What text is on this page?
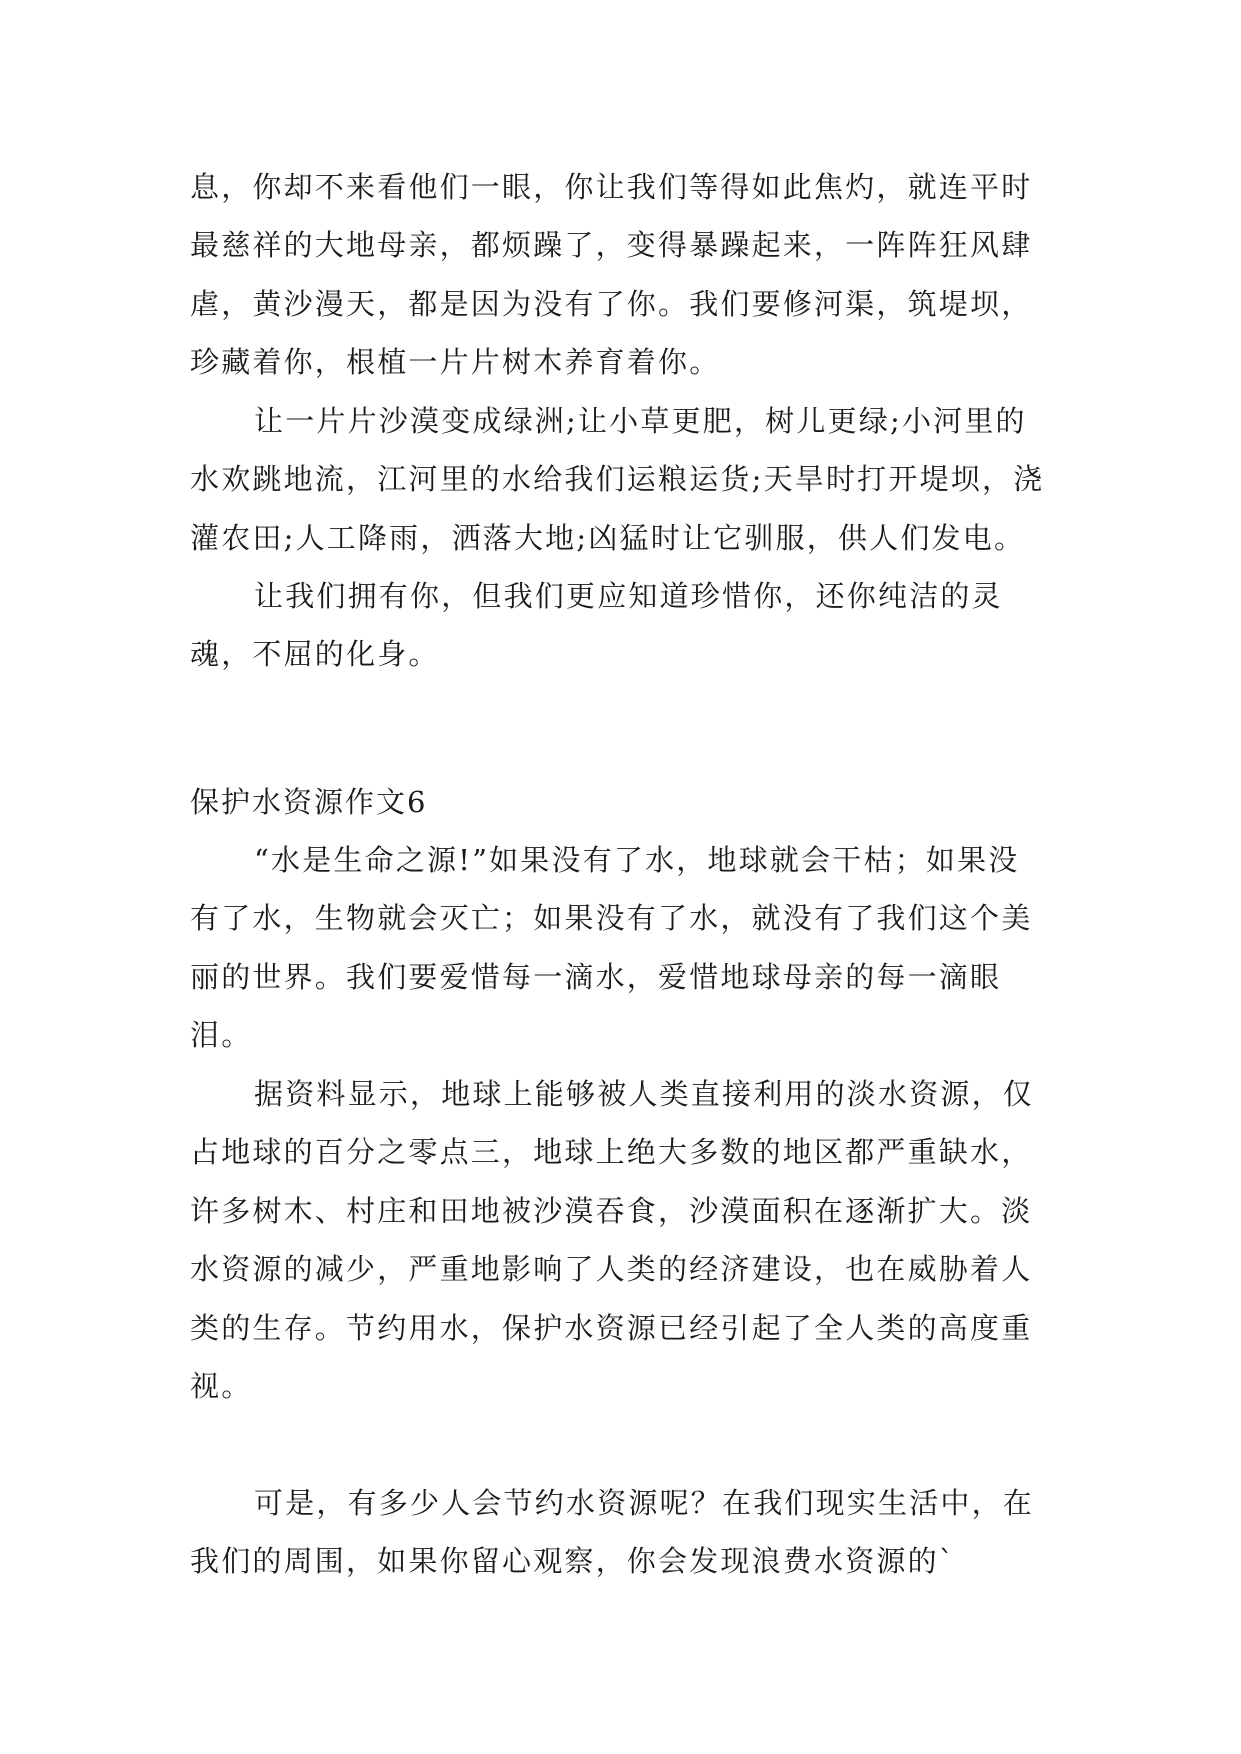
息，你却不来看他们一眼，你让我们等得如此焦灼，就连平时最慈祥的大地母亲，都烦躁了，变得暴躁起来，一阵阵狂风肆虐，黄沙漫天，都是因为没有了你。我们要修河渠，筑堤坝，珍藏着你，根植一片片树木养育着你。

让一片片沙漠变成绿洲;让小草更肥，树儿更绿;小河里的水欢跳地流，江河里的水给我们运粮运货;天旱时打开堤坝，浇灌农田;人工降雨，洒落大地;凶猛时让它驯服，供人们发电。

让我们拥有你，但我们更应知道珍惜你，还你纯洁的灵魂，不屈的化身。

保护水资源作文6

“水是生命之源!”如果没有了水，地球就会干枯；如果没有了水，生物就会灭亡；如果没有了水，就没有了我们这个美丽的世界。我们要爱惜每一滴水，爱惜地球母亲的每一滴眼泪。

据资料显示，地球上能够被人类直接利用的淡水资源，仅占地球的百分之零点三，地球上绝大多数的地区都严重缺水，许多树木、村庄和田地被沙漠吞食，沙漠面积在逐渐扩大。淡水资源的减少，严重地影响了人类的经济建设，也在威胁着人类的生存。节约用水，保护水资源已经引起了全人类的高度重视。

可是，有多少人会节约水资源呢？在我们现实生活中，在我们的周围，如果你留心观察，你会发现浪费水资源的`
